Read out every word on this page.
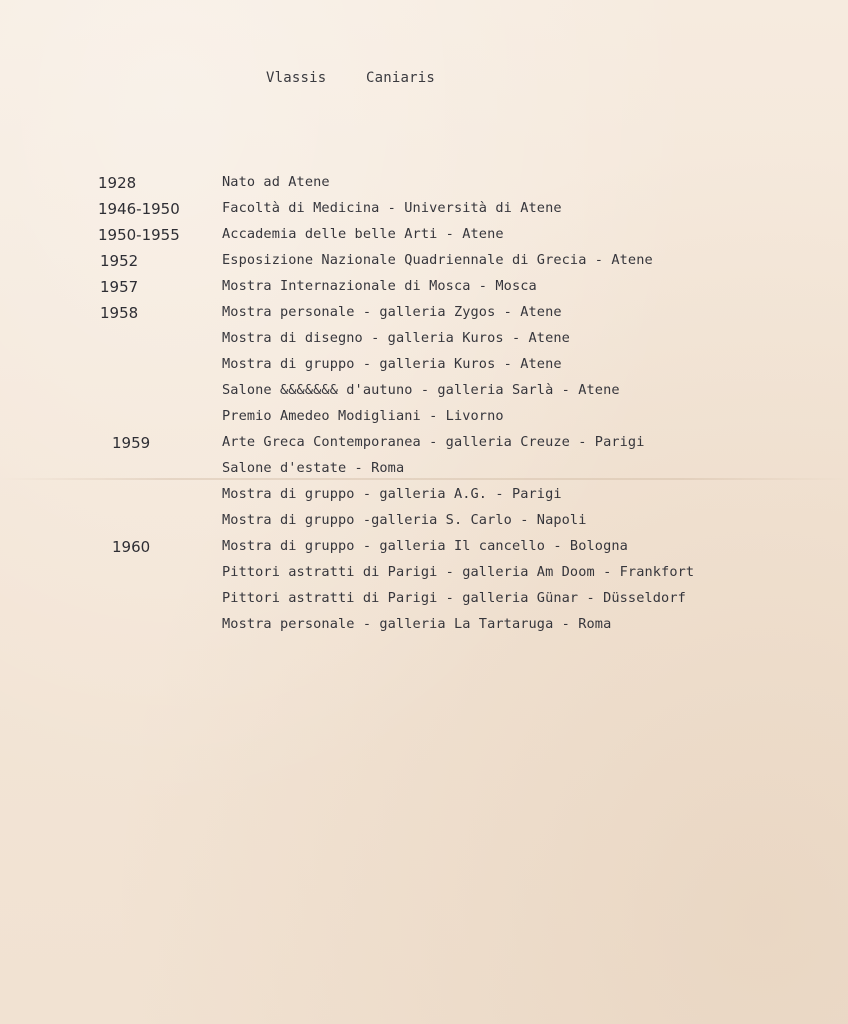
Vlassis	Caniaris
1928	Nato ad Atene
1946-1950	Facoltà di Medicina - Università di Atene
1950-1955	Accademia delle belle Arti - Atene
1952	Esposizione Nazionale Quadriennale di Grecia - Atene
1957	Mostra Internazionale di Mosca - Mosca
1958	Mostra personale - galleria Zygos - Atene
Mostra di disegno - galleria Kuros - Atene
Mostra di gruppo - galleria Kuros - Atene
Salone &&&&&&& d'autuno - galleria Sarlà - Atene
Premio Amedeo Modigliani - Livorno
1959	Arte Greca Contemporanea - galleria Creuze - Parigi
Salone d'estate - Roma
Mostra di gruppo - galleria A.G. - Parigi
Mostra di gruppo -galleria S. Carlo - Napoli
1960	Mostra di gruppo - galleria Il cancello - Bologna
Pittori astratti di Parigi - galleria Am Doom - Frankfort
Pittori astratti di Parigi - galleria Günar - Düsseldorf
Mostra personale - galleria La Tartaruga - Roma
